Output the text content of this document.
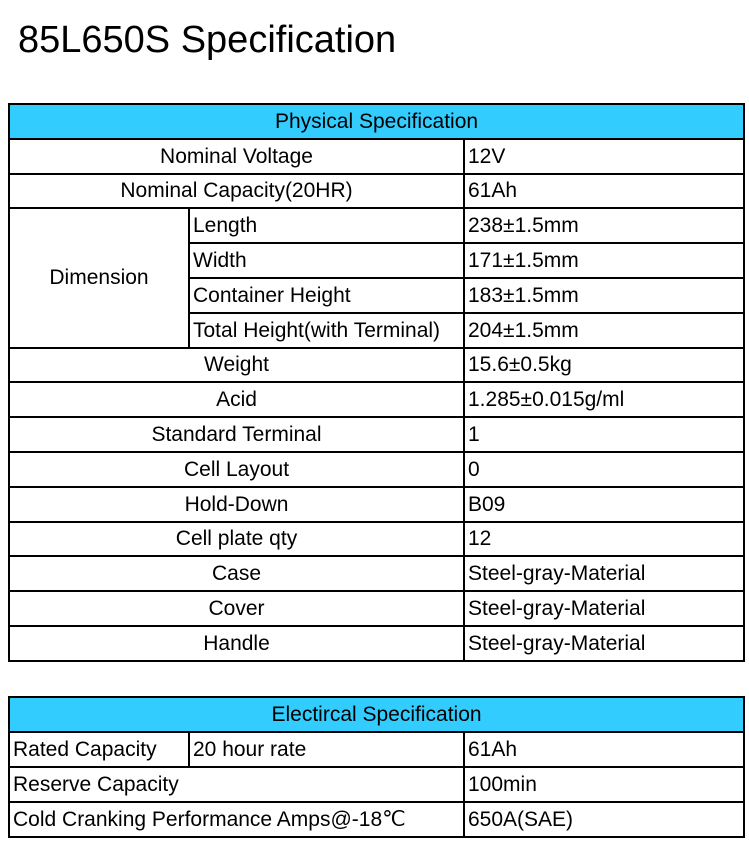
85L650S Specification
Physical Specification		
Nominal Voltage		12V
Nominal Capacity(20HR)		61Ah
Dimension	Length	238±1.5mm
	Width	171±1.5mm
	Container Height	183±1.5mm
	Total Height(with Terminal)	204±1.5mm
Weight		15.6±0.5kg
Acid		1.285±0.015g/ml
Standard Terminal		1
Cell Layout		0
Hold-Down		B09
Cell plate qty		12
Case		Steel-gray-Material
Cover		Steel-gray-Material
Handle		Steel-gray-Material
Electircal Specification		
Rated Capacity	20 hour rate	61Ah
Reserve Capacity		100min
Cold Cranking Performance Amps@-18℃		650A(SAE)
